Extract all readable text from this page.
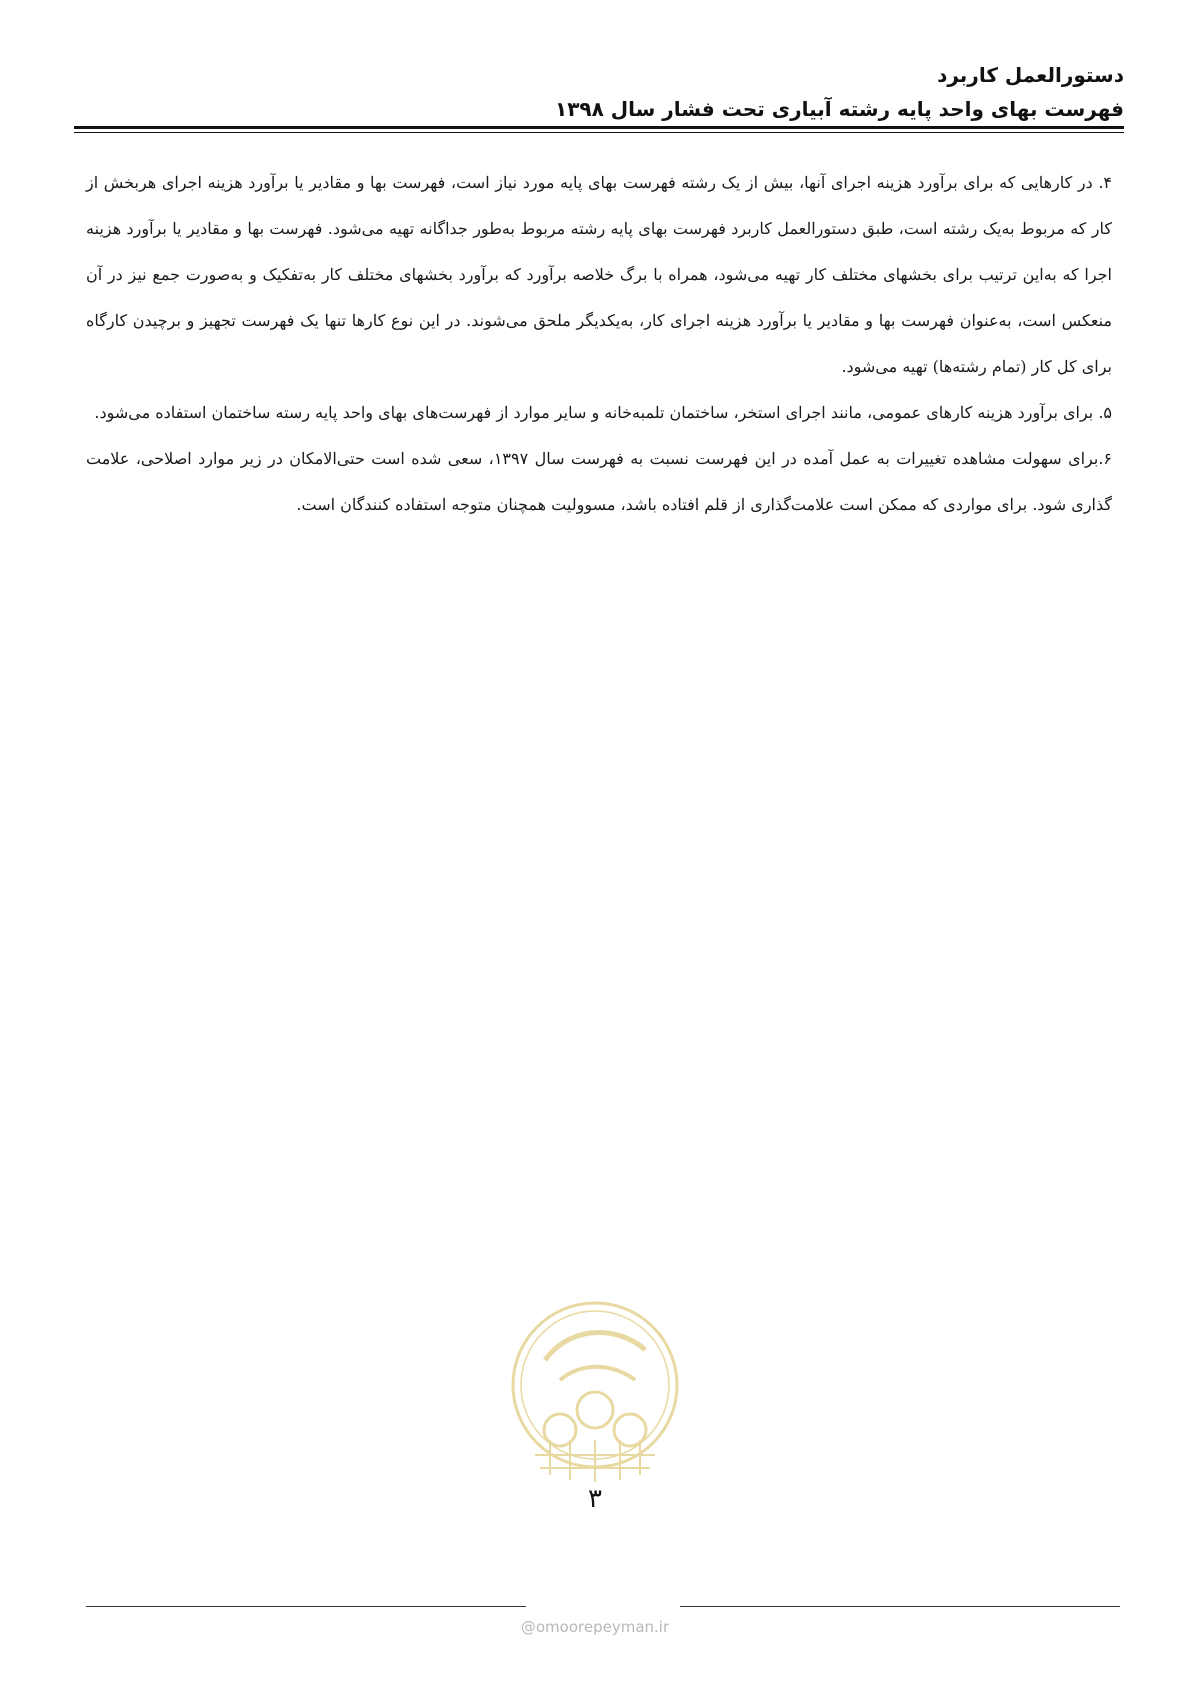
دستورالعمل کاربرد
فهرست بهای واحد پایه رشته آبیاری تحت فشار سال ۱۳۹۸

۴. در کارهایی که برای برآورد هزینه اجرای آنها، بیش از یک رشته فهرست بهای پایه مورد نیاز است، فهرست بها و مقادیر یا برآورد هزینه اجرای هربخش از کار که مربوط به‌یک رشته است، طبق دستورالعمل کاربرد فهرست بهای پایه رشته مربوط به‌طور جداگانه تهیه می‌شود. فهرست بها و مقادیر یا برآورد هزینه اجرا که به‌این ترتیب برای بخشهای مختلف کار تهیه می‌شود، همراه با برگ خلاصه برآورد که برآورد بخشهای مختلف کار به‌تفکیک و به‌صورت جمع نیز در آن منعکس است، به‌عنوان فهرست بها و مقادیر یا برآورد هزینه اجرای کار، به‌یکدیگر ملحق می‌شوند. در این نوع کارها تنها یک فهرست تجهیز و برچیدن کارگاه برای کل کار (تمام رشته‌ها) تهیه می‌شود.

۵. برای برآورد هزینه کارهای عمومی، مانند اجرای استخر، ساختمان تلمبه‌خانه و سایر موارد از فهرست‌های بهای واحد پایه رسته ساختمان استفاده می‌شود.

۶.برای سهولت مشاهده تغییرات به عمل آمده در این فهرست نسبت به فهرست سال ۱۳۹۷، سعی شده است حتی‌الامکان در زیر موارد اصلاحی، علامت گذاری شود. برای مواردی که ممکن است علامت‌گذاری از قلم افتاده باشد، مسوولیت همچنان متوجه استفاده کنندگان است.

۳
@omoorepeyman.ir
